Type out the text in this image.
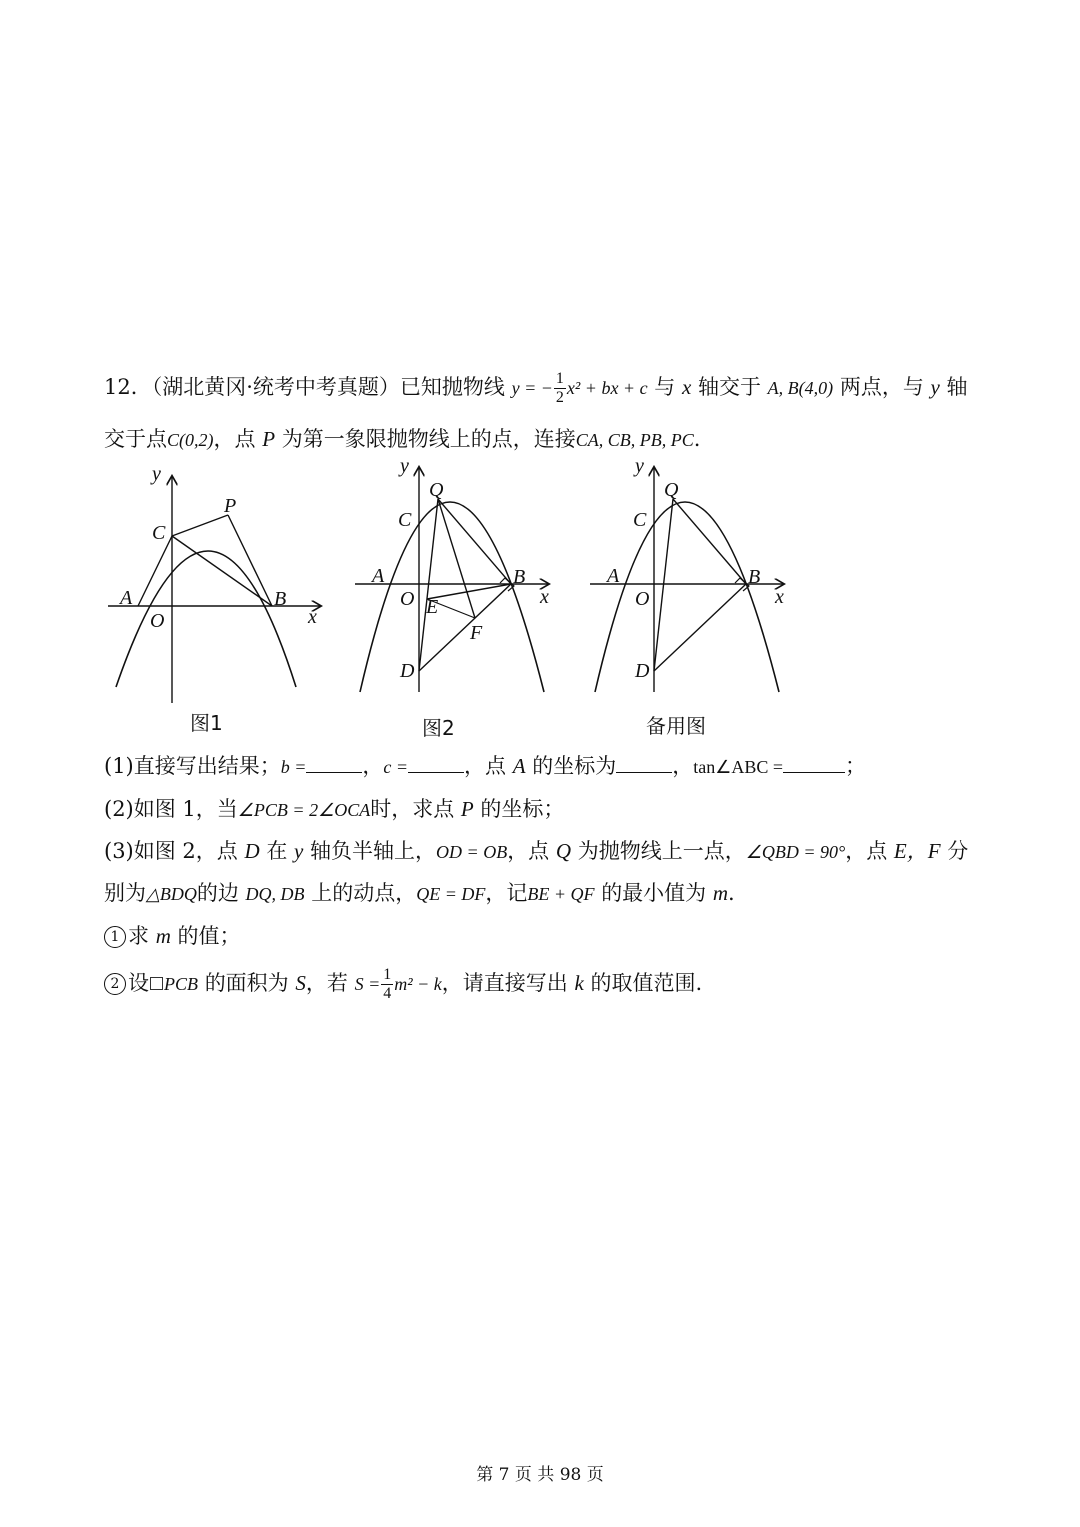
12．（湖北黄冈·统考中考真题）已知抛物线 y = − $\frac{1}{2} x^2$ + bx + c 与 x 轴交于 A, B(4,0) 两点，与 y 轴
交于点C(0,2)，点 P 为第一象限抛物线上的点，连接CA, CB, PB, PC.
y
x
C
P
A
O
B
图1
y
x
Q
C
A
O E
B
F
D
图2
y
x
Q
C
A
O
B
D
备用图
(1)直接写出结果；b =	，c =	，点 A 的坐标为	，tan∠ABC =	；
(2)如图 1，当∠PCB = 2∠OCA时，求点 P 的坐标；
(3)如图 2，点 D 在 y 轴负半轴上，OD = OB，点 Q 为抛物线上一点，∠QBD = 90°，点 E，F 分
别为△BDQ的边 DQ, DB 上的动点，QE = DF，记BE + QF 的最小值为 m.
1 求 m 的值；
2 设 PCB 的面积为 S，若 $S = \frac{1}{4} m^2 - k$，请直接写出 k 的取值范围.
第 7 页 共 98 页
